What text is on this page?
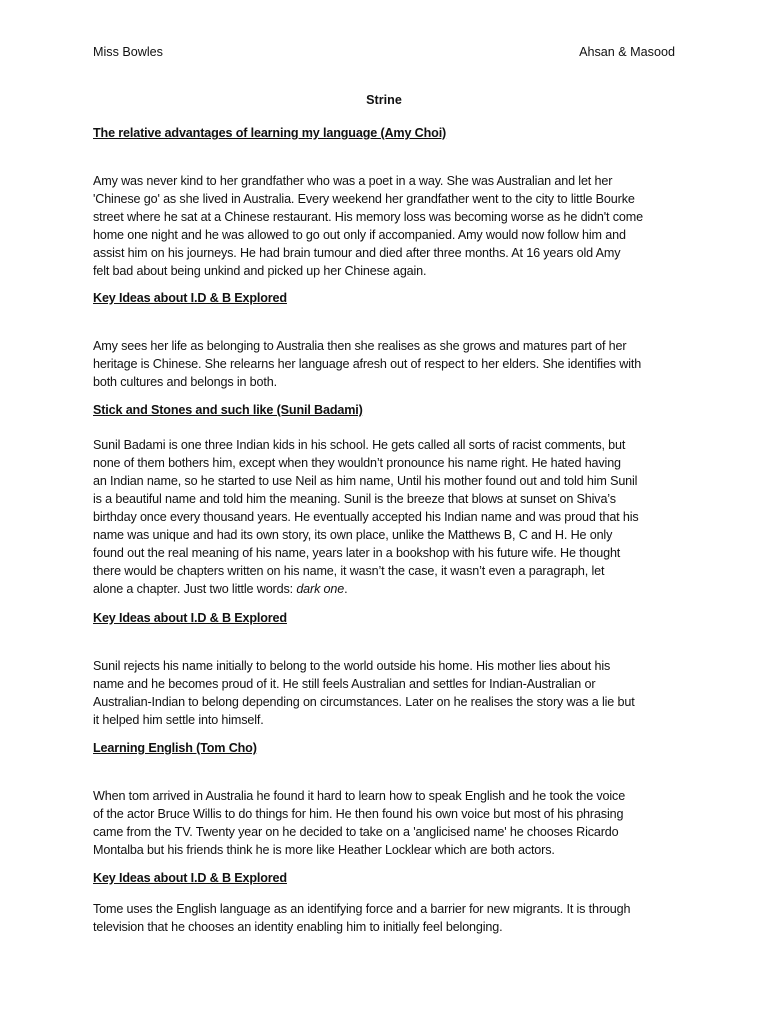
Miss Bowles	Ahsan & Masood
Strine
The relative advantages of learning my language (Amy Choi)
Amy was never kind to her grandfather who was a poet in a way. She was Australian and let her
'Chinese go' as she lived in Australia. Every weekend her grandfather went to the city to little Bourke
street where he sat at a Chinese restaurant. His memory loss was becoming worse as he didn't come
home one night and he was allowed to go out only if accompanied. Amy would now follow him and
assist him on his journeys. He had brain tumour and died after three months. At 16 years old Amy
felt bad about being unkind and picked up her Chinese again.
Key Ideas about I.D & B Explored
Amy sees her life as belonging to Australia then she realises as she grows and matures part of her
heritage is Chinese. She relearns her language afresh out of respect to her elders. She identifies with
both cultures and belongs in both.
Stick and Stones and such like (Sunil Badami)
Sunil Badami is one three Indian kids in his school. He gets called all sorts of racist comments, but
none of them bothers him, except when they wouldn’t pronounce his name right. He hated having
an Indian name, so he started to use Neil as him name, Until his mother found out and told him Sunil
is a beautiful name and told him the meaning. Sunil is the breeze that blows at sunset on Shiva’s
birthday once every thousand years. He eventually accepted his Indian name and was proud that his
name was unique and had its own story, its own place, unlike the Matthews B, C and H. He only
found out the real meaning of his name, years later in a bookshop with his future wife. He thought
there would be chapters written on his name, it wasn’t the case, it wasn’t even a paragraph, let
alone a chapter. Just two little words: dark one.
Key Ideas about I.D & B Explored
Sunil rejects his name initially to belong to the world outside his home. His mother lies about his
name and he becomes proud of it. He still feels Australian and settles for Indian-Australian or
Australian-Indian to belong depending on circumstances. Later on he realises the story was a lie but
it helped him settle into himself.
Learning English (Tom Cho)
When tom arrived in Australia he found it hard to learn how to speak English and he took the voice
of the actor Bruce Willis to do things for him. He then found his own voice but most of his phrasing
came from the TV. Twenty year on he decided to take on a 'anglicised name' he chooses Ricardo
Montalba but his friends think he is more like Heather Locklear which are both actors.
Key Ideas about I.D & B Explored
Tome uses the English language as an identifying force and a barrier for new migrants. It is through
television that he chooses an identity enabling him to initially feel belonging.
